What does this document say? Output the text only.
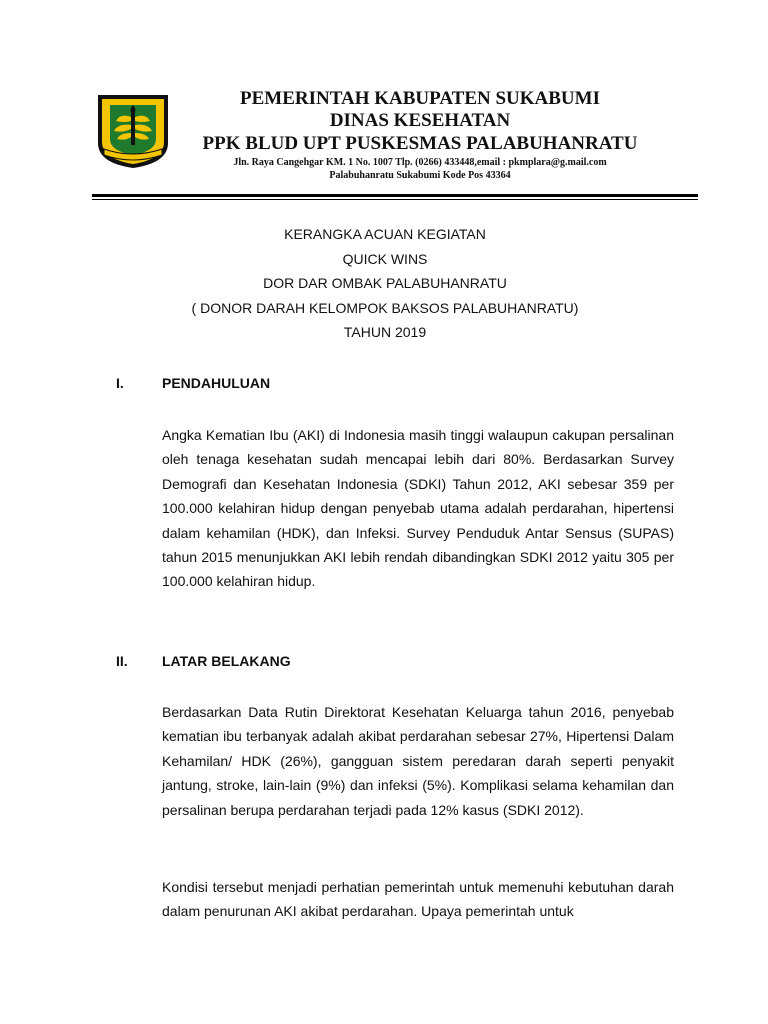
PEMERINTAH KABUPATEN SUKABUMI
DINAS KESEHATAN
PPK BLUD UPT PUSKESMAS PALABUHANRATU
Jln. Raya Cangehgar KM. 1 No. 1007 Tlp. (0266) 433448,email : pkmplara@g.mail.com
Palabuhanratu Sukabumi Kode Pos 43364
KERANGKA ACUAN KEGIATAN
QUICK WINS
DOR DAR OMBAK PALABUHANRATU
( DONOR DARAH KELOMPOK BAKSOS PALABUHANRATU)
TAHUN 2019
I.	PENDAHULUAN
Angka Kematian Ibu (AKI) di Indonesia masih tinggi walaupun cakupan persalinan oleh tenaga kesehatan sudah mencapai lebih dari 80%. Berdasarkan Survey Demografi dan Kesehatan Indonesia (SDKI) Tahun 2012, AKI sebesar 359 per 100.000 kelahiran hidup dengan penyebab utama adalah perdarahan, hipertensi dalam kehamilan (HDK), dan Infeksi. Survey Penduduk Antar Sensus (SUPAS) tahun 2015 menunjukkan AKI lebih rendah dibandingkan SDKI 2012 yaitu 305 per 100.000 kelahiran hidup.
II. LATAR BELAKANG
Berdasarkan Data Rutin Direktorat Kesehatan Keluarga tahun 2016, penyebab kematian ibu terbanyak adalah akibat perdarahan sebesar 27%, Hipertensi Dalam Kehamilan/ HDK (26%), gangguan sistem peredaran darah seperti penyakit jantung, stroke, lain-lain (9%) dan infeksi (5%). Komplikasi selama kehamilan dan persalinan berupa perdarahan terjadi pada 12% kasus (SDKI 2012).
Kondisi tersebut menjadi perhatian pemerintah untuk memenuhi kebutuhan darah dalam penurunan AKI akibat perdarahan. Upaya pemerintah untuk
